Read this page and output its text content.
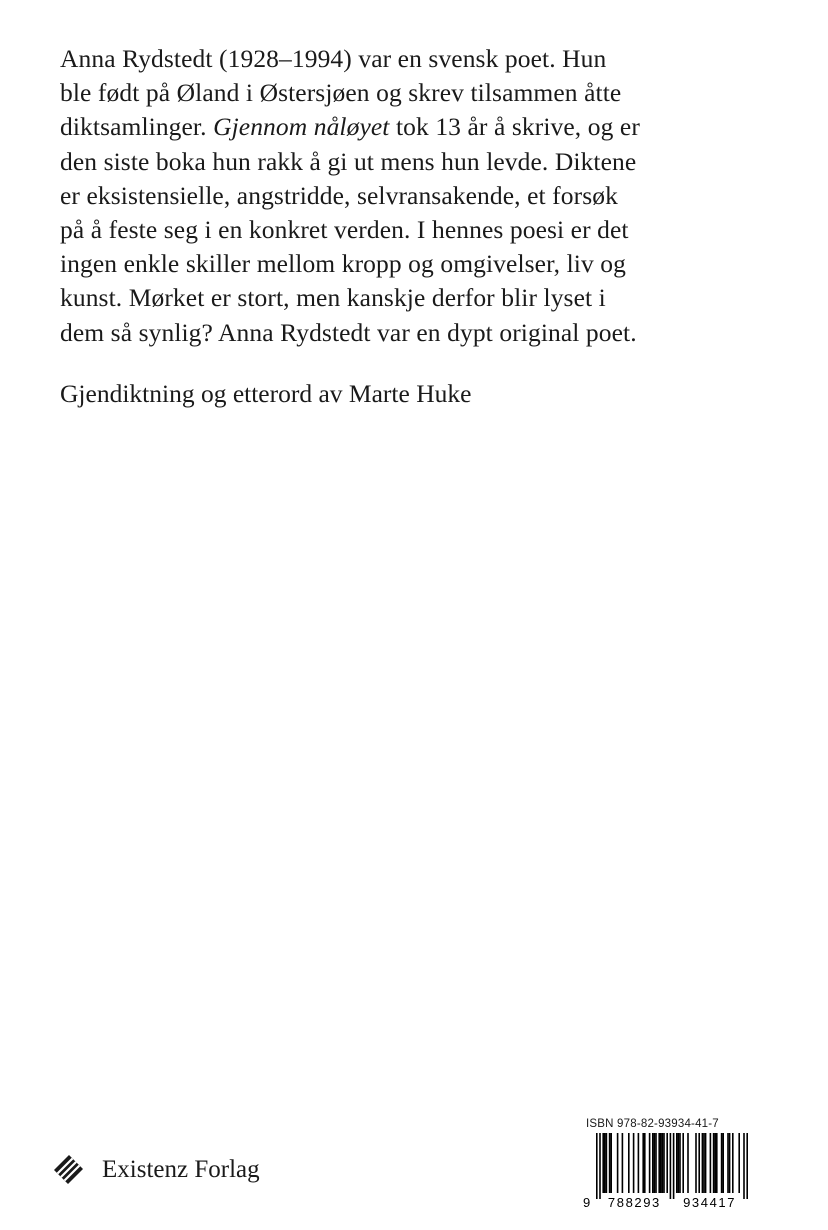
Anna Rydstedt (1928–1994) var en svensk poet. Hun
ble født på Øland i Østersjøen og skrev tilsammen åtte
diktsamlinger. Gjennom nåløyet tok 13 år å skrive, og er
den siste boka hun rakk å gi ut mens hun levde. Diktene
er eksistensielle, angstridde, selvransakende, et forsøk
på å feste seg i en konkret verden. I hennes poesi er det
ingen enkle skiller mellom kropp og omgivelser, liv og
kunst. Mørket er stort, men kanskje derfor blir lyset i
dem så synlig? Anna Rydstedt var en dypt original poet.
Gjendiktning og etterord av Marte Huke
Existenz Forlag
ISBN 978-82-93934-41-7
9 788293 934417
